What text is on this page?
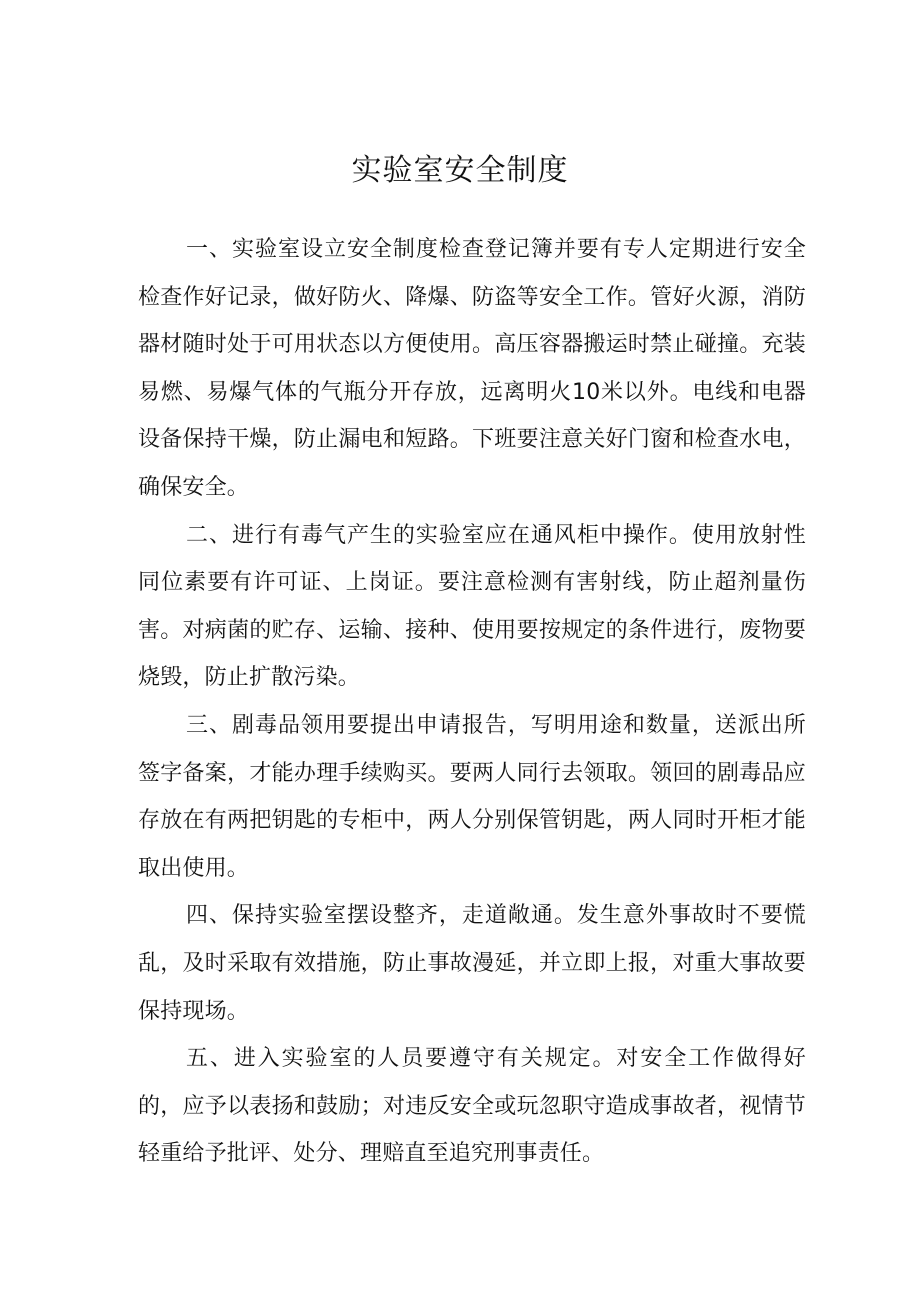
实验室安全制度

一、实验室设立安全制度检查登记簿并要有专人定期进行安全检查作好记录，做好防火、降爆、防盗等安全工作。管好火源，消防器材随时处于可用状态以方便使用。高压容器搬运时禁止碰撞。充装易燃、易爆气体的气瓶分开存放，远离明火10米以外。电线和电器设备保持干燥，防止漏电和短路。下班要注意关好门窗和检查水电，确保安全。

二、进行有毒气产生的实验室应在通风柜中操作。使用放射性同位素要有许可证、上岗证。要注意检测有害射线，防止超剂量伤害。对病菌的贮存、运输、接种、使用要按规定的条件进行，废物要烧毁，防止扩散污染。

三、剧毒品领用要提出申请报告，写明用途和数量，送派出所签字备案，才能办理手续购买。要两人同行去领取。领回的剧毒品应存放在有两把钥匙的专柜中，两人分别保管钥匙，两人同时开柜才能取出使用。

四、保持实验室摆设整齐，走道敞通。发生意外事故时不要慌乱，及时采取有效措施，防止事故漫延，并立即上报，对重大事故要保持现场。

五、进入实验室的人员要遵守有关规定。对安全工作做得好的，应予以表扬和鼓励；对违反安全或玩忽职守造成事故者，视情节轻重给予批评、处分、理赔直至追究刑事责任。
